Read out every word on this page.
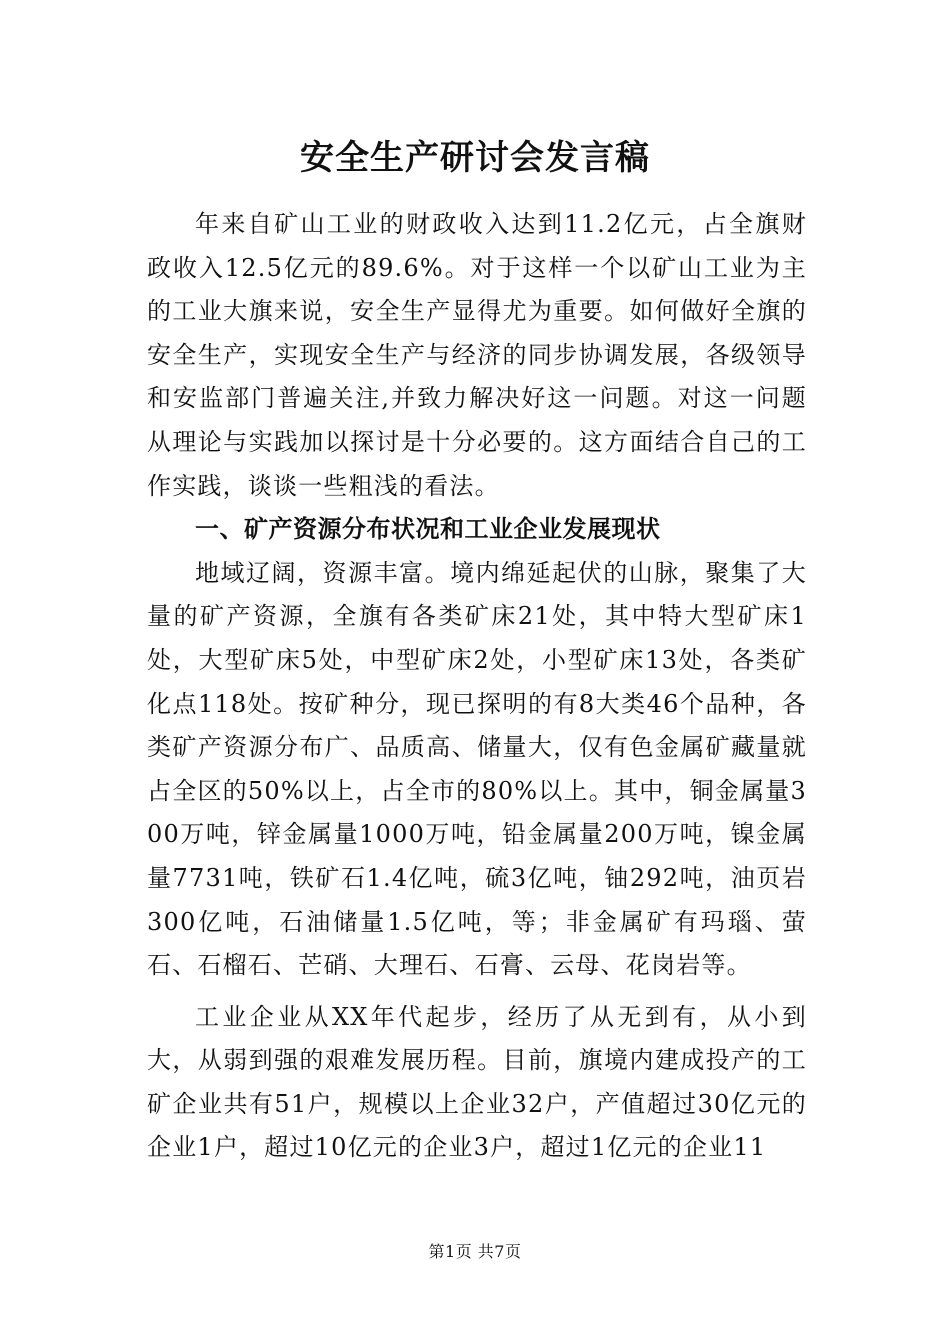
安全生产研讨会发言稿

年来自矿山工业的财政收入达到11.2亿元，占全旗财政收入12.5亿元的89.6%。对于这样一个以矿山工业为主的工业大旗来说，安全生产显得尤为重要。如何做好全旗的安全生产，实现安全生产与经济的同步协调发展，各级领导和安监部门普遍关注,并致力解决好这一问题。对这一问题从理论与实践加以探讨是十分必要的。这方面结合自己的工作实践，谈谈一些粗浅的看法。

一、矿产资源分布状况和工业企业发展现状

地域辽阔，资源丰富。境内绵延起伏的山脉，聚集了大量的矿产资源，全旗有各类矿床21处，其中特大型矿床1处，大型矿床5处，中型矿床2处，小型矿床13处，各类矿化点118处。按矿种分，现已探明的有8大类46个品种，各类矿产资源分布广、品质高、储量大，仅有色金属矿藏量就占全区的50%以上，占全市的80%以上。其中，铜金属量300万吨，锌金属量1000万吨，铅金属量200万吨，镍金属量7731吨，铁矿石1.4亿吨，硫3亿吨，铀292吨，油页岩300亿吨，石油储量1.5亿吨，等；非金属矿有玛瑙、萤石、石榴石、芒硝、大理石、石膏、云母、花岗岩等。

工业企业从XX年代起步，经历了从无到有，从小到大，从弱到强的艰难发展历程。目前，旗境内建成投产的工矿企业共有51户，规模以上企业32户，产值超过30亿元的企业1户，超过10亿元的企业3户，超过1亿元的企业11

第1页 共7页
